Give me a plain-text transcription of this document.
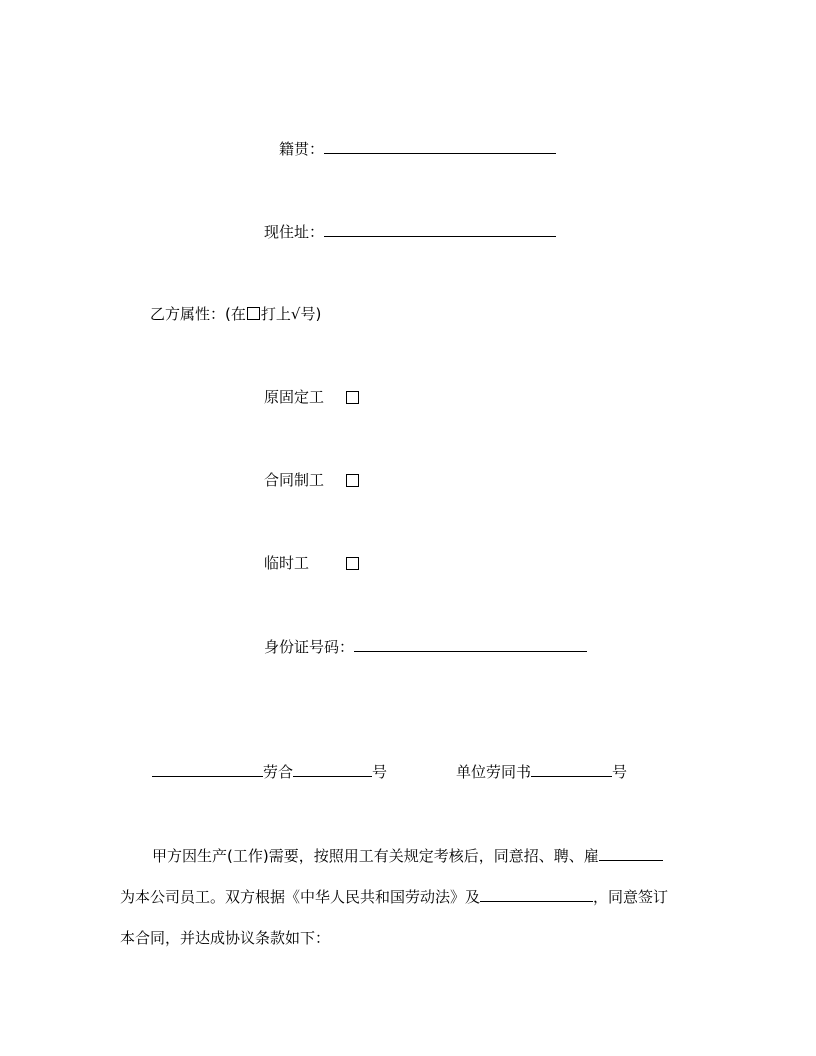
籍贯：
现住址：
乙方属性：(在 打上√号)
原固定工
合同制工
临时工
身份证号码：
劳合	号	单位劳同书	号
甲方因生产(工作)需要，按照用工有关规定考核后，同意招、聘、雇
为本公司员工。双方根据《中华人民共和国劳动法》及	，同意签订
本合同，并达成协议条款如下：
